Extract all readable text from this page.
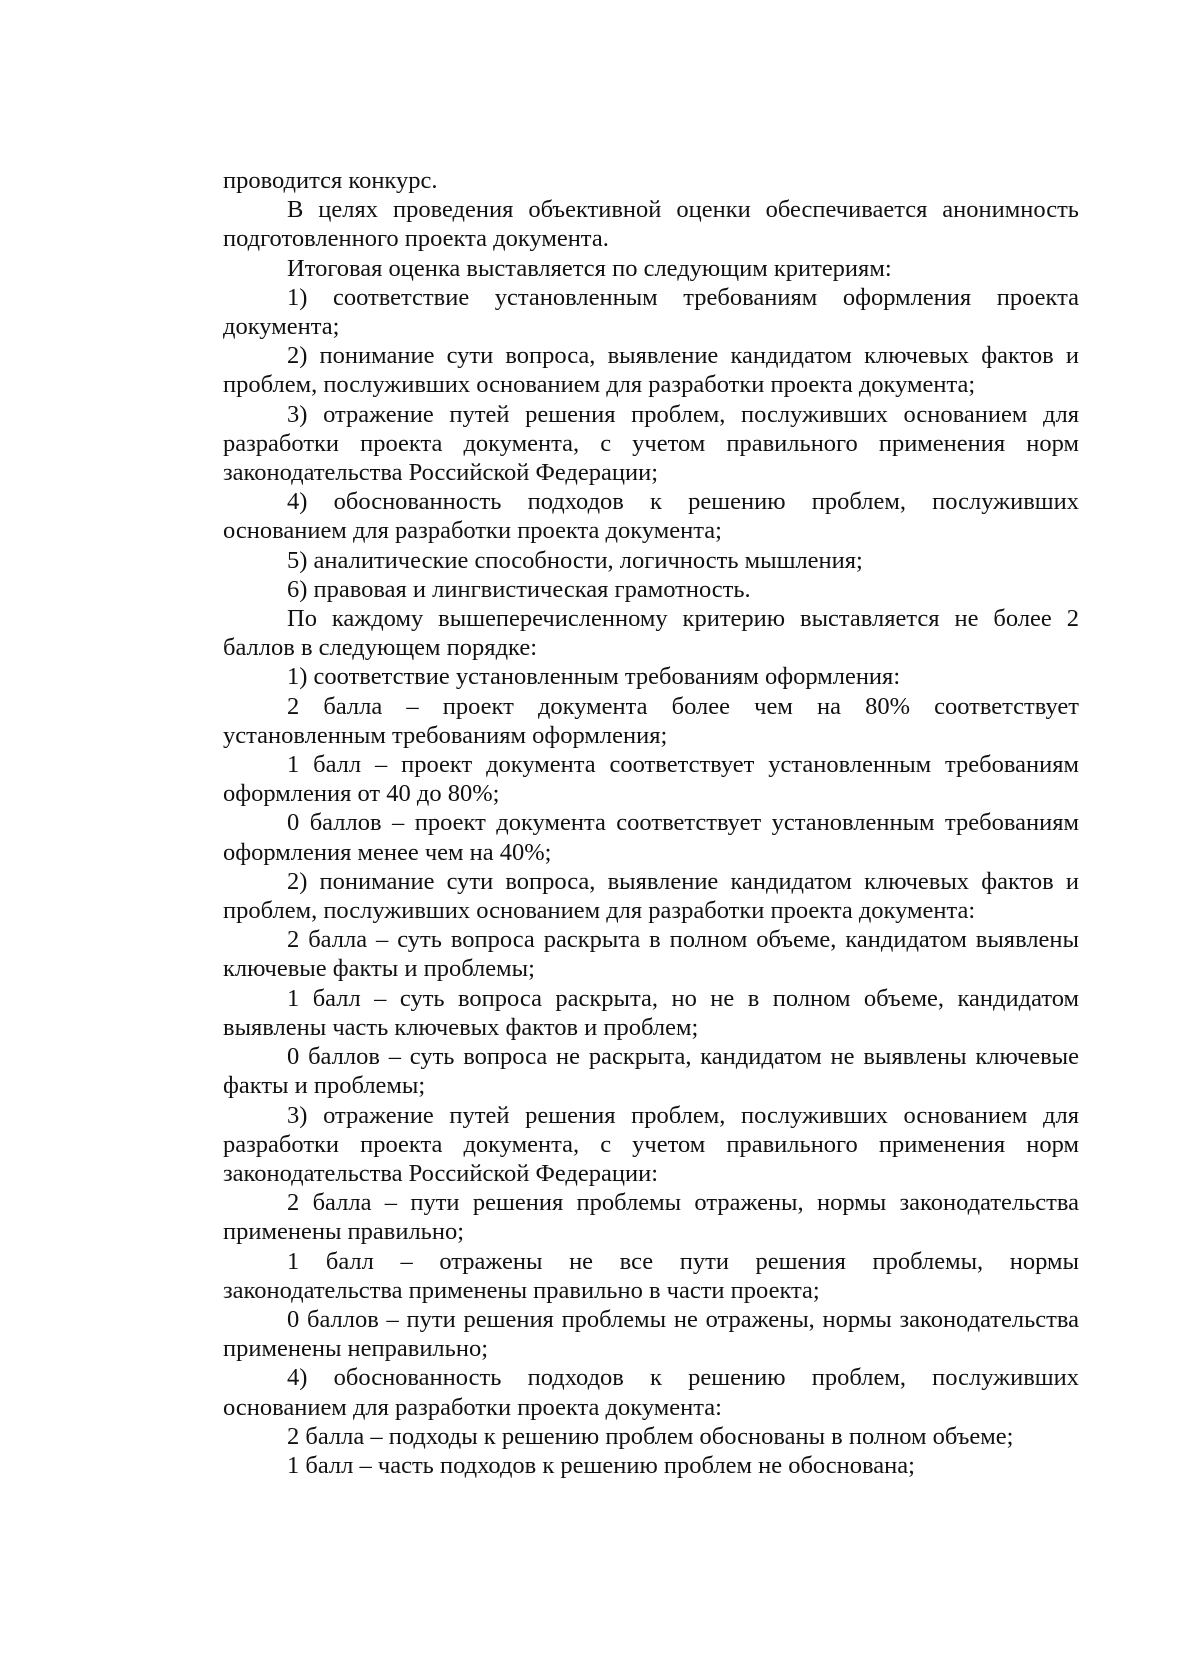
проводится конкурс.

В целях проведения объективной оценки обеспечивается анонимность подготовленного проекта документа.

Итоговая оценка выставляется по следующим критериям:

1) соответствие установленным требованиям оформления проекта документа;

2) понимание сути вопроса, выявление кандидатом ключевых фактов и проблем, послуживших основанием для разработки проекта документа;

3) отражение путей решения проблем, послуживших основанием для разработки проекта документа, с учетом правильного применения норм законодательства Российской Федерации;

4) обоснованность подходов к решению проблем, послуживших основанием для разработки проекта документа;

5) аналитические способности, логичность мышления;

6) правовая и лингвистическая грамотность.

По каждому вышеперечисленному критерию выставляется не более 2 баллов в следующем порядке:

1) соответствие установленным требованиям оформления:

2 балла – проект документа более чем на 80% соответствует установленным требованиям оформления;

1 балл – проект документа соответствует установленным требованиям оформления от 40 до 80%;

0 баллов – проект документа соответствует установленным требованиям оформления менее чем на 40%;

2) понимание сути вопроса, выявление кандидатом ключевых фактов и проблем, послуживших основанием для разработки проекта документа:

2 балла – суть вопроса раскрыта в полном объеме, кандидатом выявлены ключевые факты и проблемы;

1 балл – суть вопроса раскрыта, но не в полном объеме, кандидатом выявлены часть ключевых фактов и проблем;

0 баллов – суть вопроса не раскрыта, кандидатом не выявлены ключевые факты и проблемы;

3) отражение путей решения проблем, послуживших основанием для разработки проекта документа, с учетом правильного применения норм законодательства Российской Федерации:

2 балла – пути решения проблемы отражены, нормы законодательства применены правильно;

1 балл – отражены не все пути решения проблемы, нормы законодательства применены правильно в части проекта;

0 баллов – пути решения проблемы не отражены, нормы законодательства применены неправильно;

4) обоснованность подходов к решению проблем, послуживших основанием для разработки проекта документа:

2 балла – подходы к решению проблем обоснованы в полном объеме;

1 балл – часть подходов к решению проблем не обоснована;
